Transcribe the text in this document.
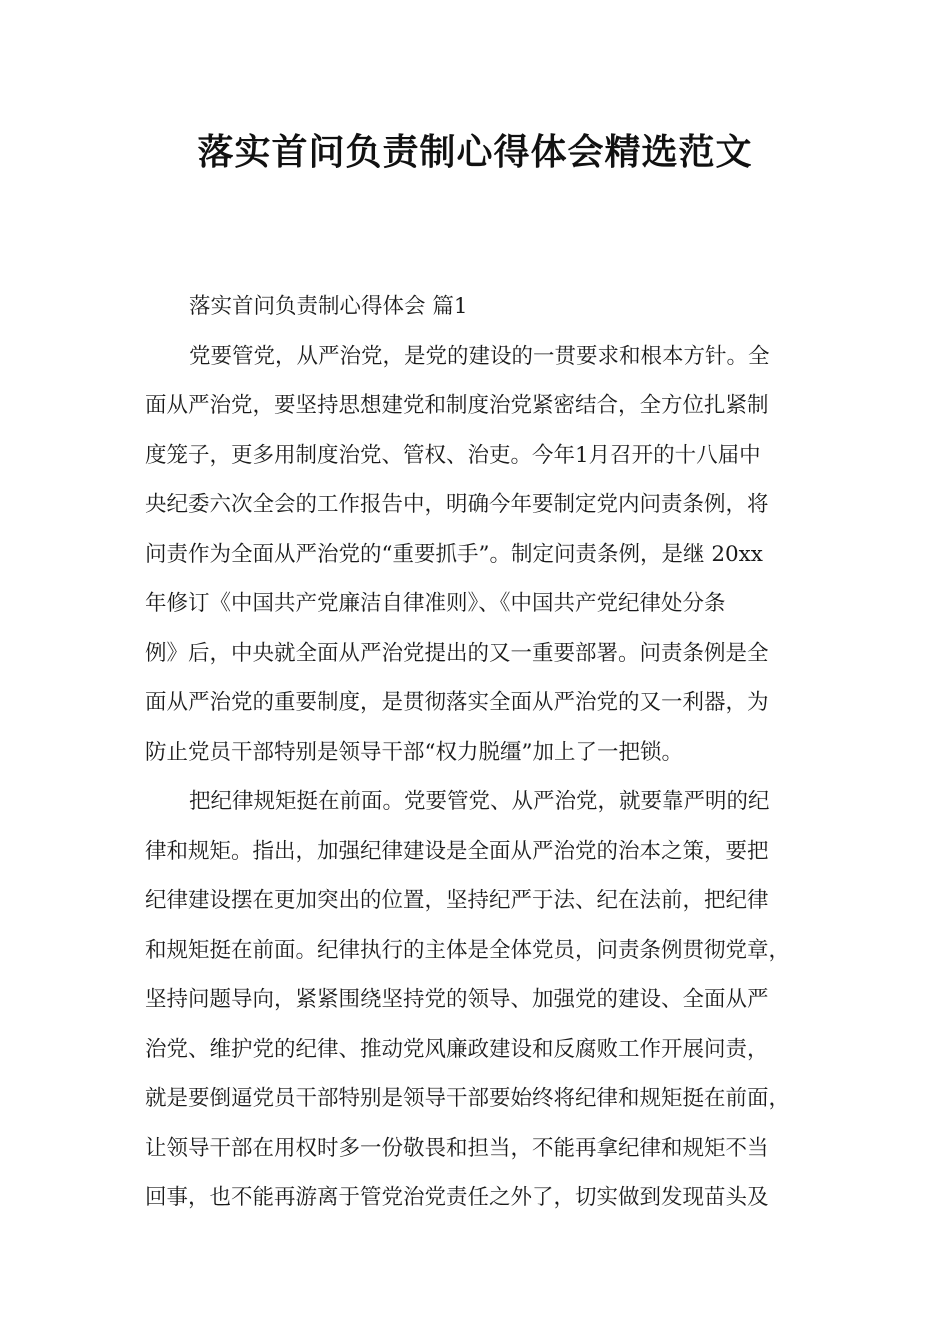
落实首问负责制心得体会精选范文
落实首问负责制心得体会 篇1
党要管党，从严治党，是党的建设的一贯要求和根本方针。全
面从严治党，要坚持思想建党和制度治党紧密结合，全方位扎紧制
度笼子，更多用制度治党、管权、治吏。今年1月召开的十八届中
央纪委六次全会的工作报告中，明确今年要制定党内问责条例，将
问责作为全面从严治党的“重要抓手”。制定问责条例，是继 20xx
年修订《中国共产党廉洁自律准则》、《中国共产党纪律处分条
例》后，中央就全面从严治党提出的又一重要部署。问责条例是全
面从严治党的重要制度，是贯彻落实全面从严治党的又一利器，为
防止党员干部特别是领导干部“权力脱缰”加上了一把锁。
把纪律规矩挺在前面。党要管党、从严治党，就要靠严明的纪
律和规矩。指出，加强纪律建设是全面从严治党的治本之策，要把
纪律建设摆在更加突出的位置，坚持纪严于法、纪在法前，把纪律
和规矩挺在前面。纪律执行的主体是全体党员，问责条例贯彻党章，
坚持问题导向，紧紧围绕坚持党的领导、加强党的建设、全面从严
治党、维护党的纪律、推动党风廉政建设和反腐败工作开展问责，
就是要倒逼党员干部特别是领导干部要始终将纪律和规矩挺在前面，
让领导干部在用权时多一份敬畏和担当，不能再拿纪律和规矩不当
回事，也不能再游离于管党治党责任之外了，切实做到发现苗头及
